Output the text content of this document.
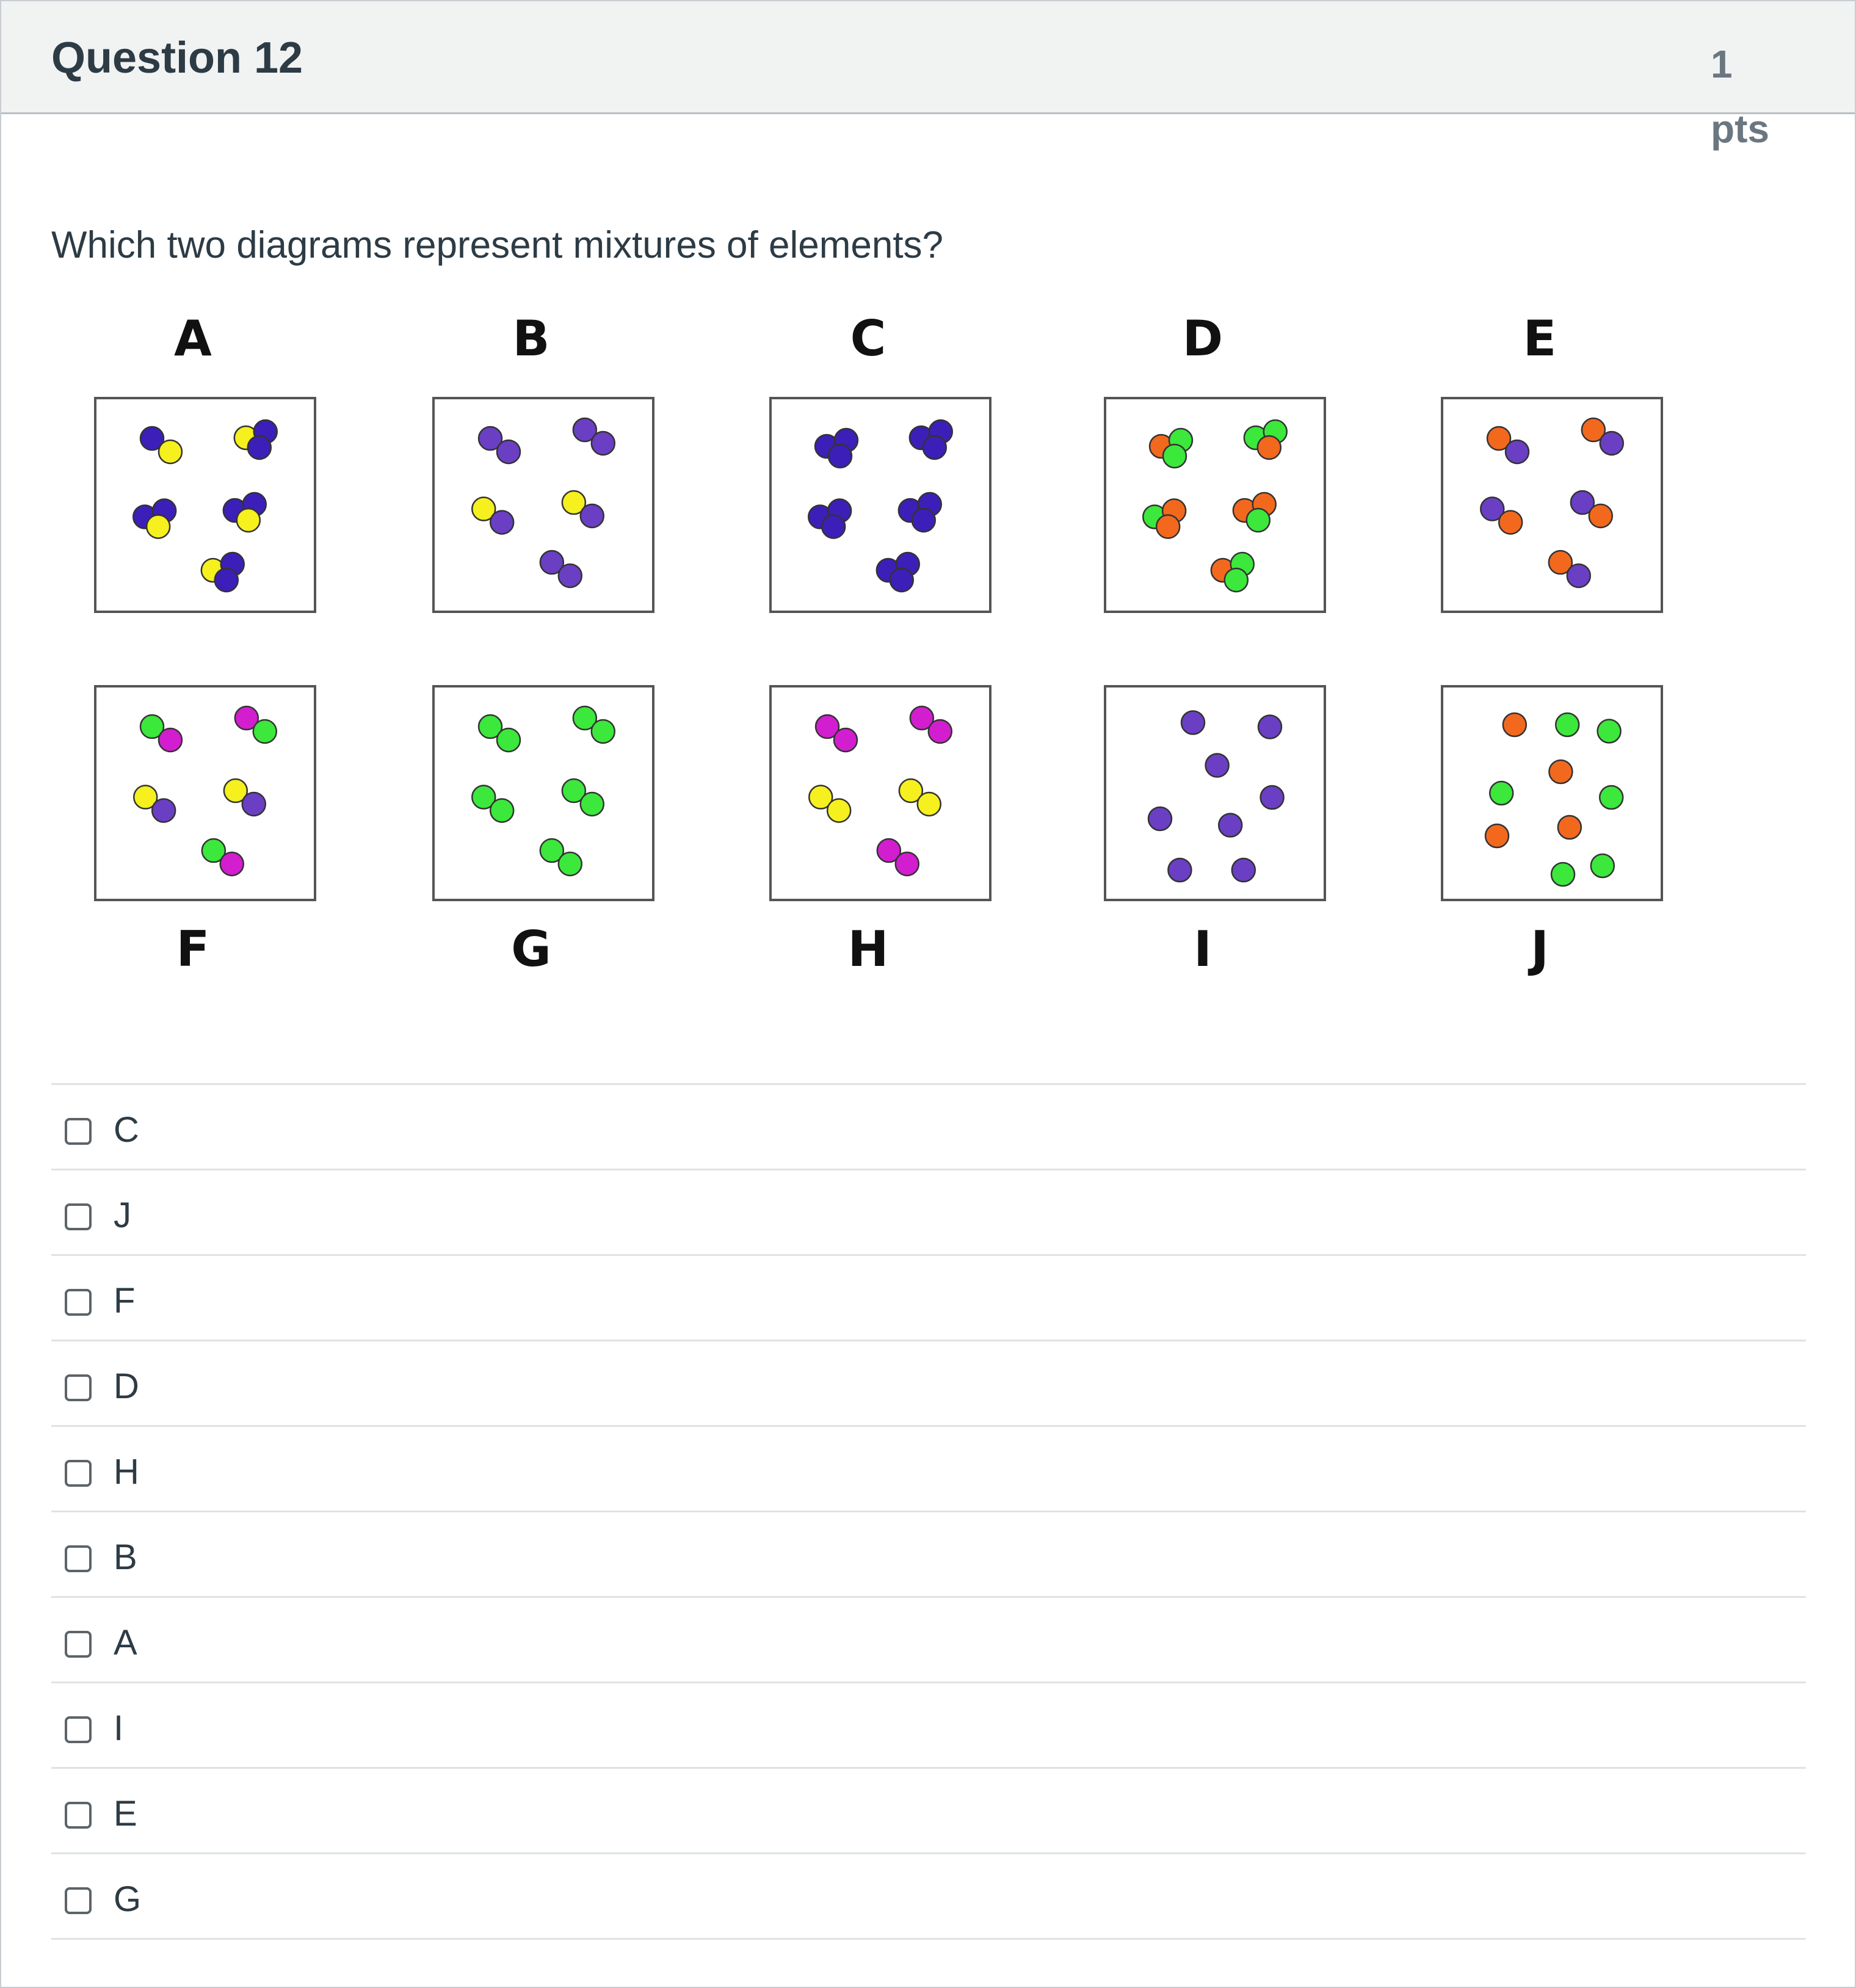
Question 12	1 pts
Which two diagrams represent mixtures of elements?
A	B	C	D	E
F	G	H	I	J
C
J
F
D
H
B
A
I
E
G
